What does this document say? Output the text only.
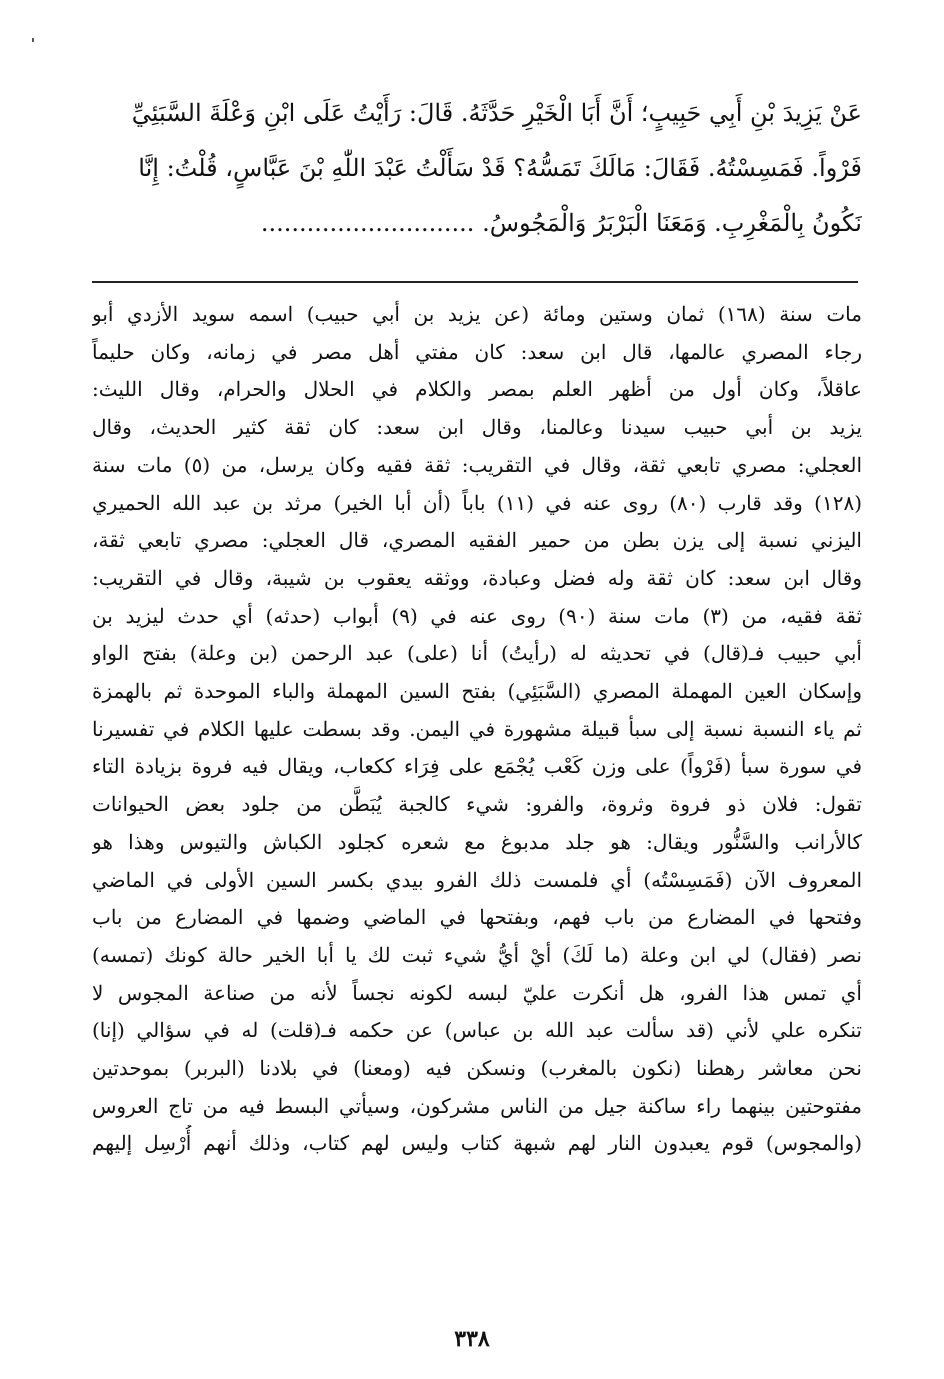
عَنْ يَزِيدَ بْنِ أَبِي حَبِيبٍ؛ أَنَّ أَبَا الْخَيْرِ حَدَّثَهُ. قَالَ: رَأَيْتُ عَلَى ابْنِ وَعْلَةَ السَّبَئِيِّ
فَرْواً. فَمَسِسْتُهُ. فَقَالَ: مَالَكَ تَمَسُّهُ؟ قَدْ سَأَلْتُ عَبْدَ اللّٰهِ بْنَ عَبَّاسٍ، قُلْتُ: إِنَّا
نَكُونُ بِالْمَغْرِبِ. وَمَعَنَا الْبَرْبَرُ وَالْمَجُوسُ. ............................
مات سنة (١٦٨) ثمان وستين ومائة (عن يزيد بن أبي حبيب) اسمه سويد الأزدي أبو
رجاء المصري عالمها، قال ابن سعد: كان مفتي أهل مصر في زمانه، وكان حليماً
عاقلاً، وكان أول من أظهر العلم بمصر والكلام في الحلال والحرام، وقال الليث:
يزيد بن أبي حبيب سيدنا وعالمنا، وقال ابن سعد: كان ثقة كثير الحديث، وقال
العجلي: مصري تابعي ثقة، وقال في التقريب: ثقة فقيه وكان يرسل، من (٥) مات سنة
(١٢٨) وقد قارب (٨٠) روى عنه في (١١) باباً (أن أبا الخير) مرثد بن عبد الله الحميري
اليزني نسبة إلى يزن بطن من حمير الفقيه المصري، قال العجلي: مصري تابعي ثقة،
وقال ابن سعد: كان ثقة وله فضل وعبادة، ووثقه يعقوب بن شيبة، وقال في التقريب:
ثقة فقيه، من (٣) مات سنة (٩٠) روى عنه في (٩) أبواب (حدثه) أي حدث ليزيد بن
أبي حبيب فـ(قال) في تحديثه له (رأيتُ) أنا (على) عبد الرحمن (بن وعلة) بفتح الواو
وإسكان العين المهملة المصري (السَّبَئِي) بفتح السين المهملة والباء الموحدة ثم بالهمزة
ثم ياء النسبة نسبة إلى سبأ قبيلة مشهورة في اليمن. وقد بسطت عليها الكلام في تفسيرنا
في سورة سبأ (فَرْواً) على وزن كَعْب يُجْمَع على فِرَاء ككعاب، ويقال فيه فروة بزيادة التاء
تقول: فلان ذو فروة وثروة، والفرو: شيء كالجبة يُبَطَّن من جلود بعض الحيوانات
كالأرانب والسَّنُّور ويقال: هو جلد مدبوغ مع شعره كجلود الكباش والتيوس وهذا هو
المعروف الآن (فَمَسِسْتُه) أي فلمست ذلك الفرو بيدي بكسر السين الأولى في الماضي
وفتحها في المضارع من باب فهم، وبفتحها في الماضي وضمها في المضارع من باب
نصر (فقال) لي ابن وعلة (ما لَكَ) أيْ أيُّ شيء ثبت لك يا أبا الخير حالة كونك (تمسه)
أي تمس هذا الفرو، هل أنكرت عليّ لبسه لكونه نجساً لأنه من صناعة المجوس لا
تنكره علي لأني (قد سألت عبد الله بن عباس) عن حكمه فـ(قلت) له في سؤالي (إنا)
نحن معاشر رهطنا (نكون بالمغرب) ونسكن فيه (ومعنا) في بلادنا (البربر) بموحدتين
مفتوحتين بينهما راء ساكنة جيل من الناس مشركون، وسيأتي البسط فيه من تاج العروس
(والمجوس) قوم يعبدون النار لهم شبهة كتاب وليس لهم كتاب، وذلك أنهم أُرْسِل إليهم
٣٣٨
